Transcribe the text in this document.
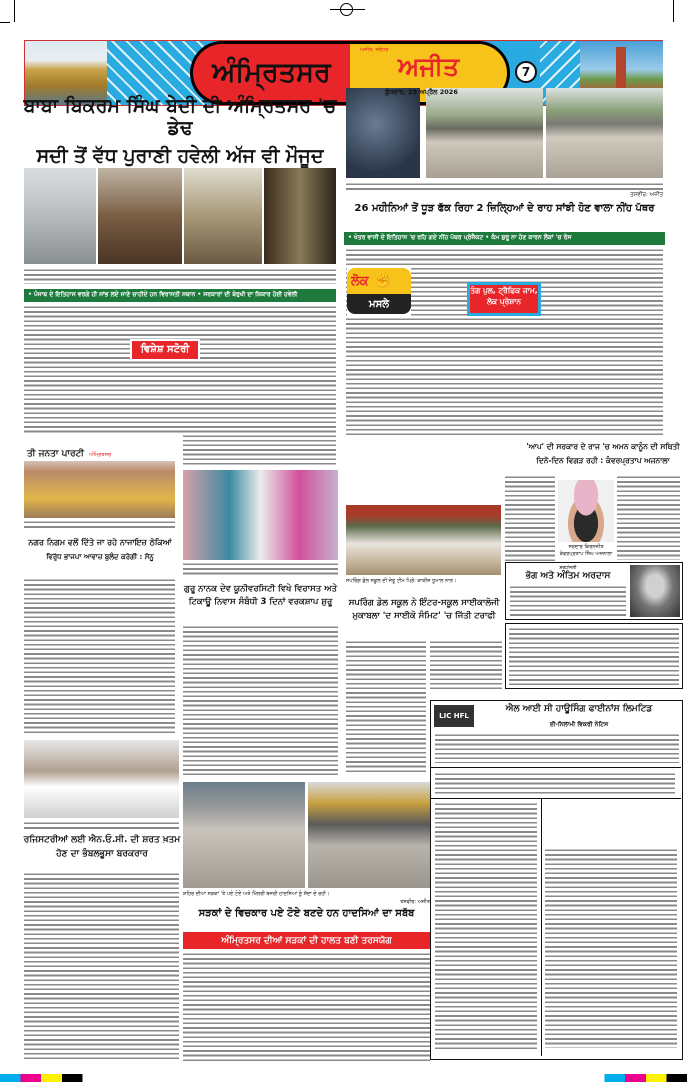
ਅੰਮ੍ਰਿਤਸਰ
ਅਜੀਤ, ਜਲੰਧਰ
ਅਜੀਤ
ਬੁੱਧਵਾਰ, 29 ਅਪ੍ਰੈਲ 2026
7
ਬਾਬਾ ਬਿਕਰਮ ਸਿੰਘ ਬੇਦੀ ਦੀ ਅੰਮ੍ਰਿਤਸਰ 'ਚ ਡੇਢ
ਸਦੀ ਤੋਂ ਵੱਧ ਪੁਰਾਣੀ ਹਵੇਲੀ ਅੱਜ ਵੀ ਮੌਜੂਦ
• ਪੰਜਾਬ ਦੇ ਇਤਿਹਾਸ ਵਰਗੇ ਹੀ ਸਾਂਭ ਲਏ ਜਾਣੇ ਚਾਹੀਦੇ ਹਨ ਵਿਰਾਸਤੀ ਸਥਾਨ • ਸਰਕਾਰਾਂ ਦੀ ਬੇਰੁਖੀ ਦਾ ਸ਼ਿਕਾਰ ਹੋਈ ਹਵੇਲੀ
ਤੀ ਜਨਤਾ ਪਾਰਟੀ ਅੰਮ੍ਰਿਤਸਰ
ਨਗਰ ਨਿਗਮ ਵਲੋਂ ਦਿੱਤੇ ਜਾ ਰਹੇ ਨਾਜਾਇਜ਼ ਠੇਕਿਆਂ
ਵਿਰੁੱਧ ਭਾਜਪਾ ਆਵਾਜ਼ ਬੁਲੰਦ ਕਰੇਗੀ : ਸੋਨੂ
ਵਿਸ਼ੇਸ਼ ਸਟੋਰੀ
ਗੁਰੂ ਨਾਨਕ ਦੇਵ ਯੂਨੀਵਰਸਿਟੀ ਵਿਖੇ ਵਿਰਾਸਤ ਅਤੇ ਟਿਕਾਊ ਨਿਵਾਸ ਸੰਬੰਧੀ 3 ਦਿਨਾਂ ਵਰਕਸ਼ਾਪ ਸ਼ੁਰੂ
ਤਸਵੀਰ: ਅਜੀਤ
26 ਮਹੀਨਿਆਂ ਤੋਂ ਧੂੜ ਫੱਕ ਰਿਹਾ 2 ਜ਼ਿਲ੍ਹਿਆਂ ਦੇ ਰਾਹ ਸਾਂਝੀ ਹੋਣ ਵਾਲਾ ਨੀਂਹ ਪੱਥਰ
• ਖੇਤਰ ਵਾਸੀ ਦੇ ਇਤਿਹਾਸ 'ਚ ਰਹਿ ਗਏ ਨੀਂਹ ਪੱਥਰ ਪ੍ਰੋਜੈਕਟ • ਕੰਮ ਸ਼ੁਰੂ ਨਾ ਹੋਣ ਕਾਰਨ ਲੋਕਾਂ 'ਚ ਰੋਸ
ਲੋਕ ✊
ਮਸਲੇ
ਤੰਗ ਪੁਲ, ਟ੍ਰੈਫਿਕ ਜਾਮ, ਲੋਕ ਪ੍ਰੇਸ਼ਾਨ
'ਆਪ' ਦੀ ਸਰਕਾਰ ਦੇ ਰਾਜ 'ਚ ਅਮਨ ਕਾਨੂੰਨ ਦੀ ਸਥਿਤੀ ਦਿਨੋ-ਦਿਨ ਵਿਗੜ ਰਹੀ : ਕੰਵਰਪ੍ਰਤਾਪ ਅਜਨਾਲਾ
ਸਰਦਾਰ ਕਿਰਨਜੀਤ
ਕੰਵਰਪ੍ਰਤਾਪ ਸਿੰਘ ਅਜਨਾਲਾ
ਸਪਰਿੰਗ ਡੇਲ ਸਕੂਲ ਦੀ ਜੇਤੂ ਟੀਮ ਪ੍ਰਿੰ: ਕਾਕੀਜ਼ ਧੂਮਾਲ ਨਾਲ।
ਸਪਰਿੰਗ ਡੇਲ ਸਕੂਲ ਨੇ ਇੰਟਰ-ਸਕੂਲ ਸਾਈਕਾਲੋਜੀ ਮੁਕਾਬਲਾ 'ਦ ਸਾਈਕੋ ਸੰਮਿਟ' 'ਚ ਜਿੱਤੀ ਟਰਾਫੀ
ਸ਼ਰਧਾਂਜਲੀ
ਭੋਗ ਅਤੇ ਅੰਤਿਮ ਅਰਦਾਸ
LIC HFL
ਐਲ ਆਈ ਸੀ ਹਾਊਸਿੰਗ ਫਾਈਨਾਂਸ ਲਿਮਟਿਡ
ਈ-ਨਿਲਾਮੀ ਵਿਕਰੀ ਨੋਟਿਸ
ਰਜਿਸਟਰੀਆਂ ਲਈ ਐਨ.ਓ.ਸੀ. ਦੀ ਸ਼ਰਤ ਖ਼ਤਮ ਹੋਣ ਦਾ ਭੰਬਲਭੂਸਾ ਬਰਕਰਾਰ
ਸ਼ਹਿਰ ਦੀਆਂ ਸੜਕਾਂ 'ਤੇ ਪਏ ਟੋਏ ਅਤੇ ਖਿੱਲਰੀ ਬਜਰੀ ਹਾਦਸਿਆਂ ਨੂੰ ਸੱਦਾ ਦੇ ਰਹੀ।
ਤਸਵੀਰ: ਅਜੀਤ
ਸੜਕਾਂ ਦੇ ਵਿਚਕਾਰ ਪਏ ਟੋਏ ਬਣਦੇ ਹਨ ਹਾਦਸਿਆਂ ਦਾ ਸਬੱਬ
ਅੰਮ੍ਰਿਤਸਰ ਦੀਆਂ ਸੜਕਾਂ ਦੀ ਹਾਲਤ ਬਣੀ ਤਰਸਯੋਗ
